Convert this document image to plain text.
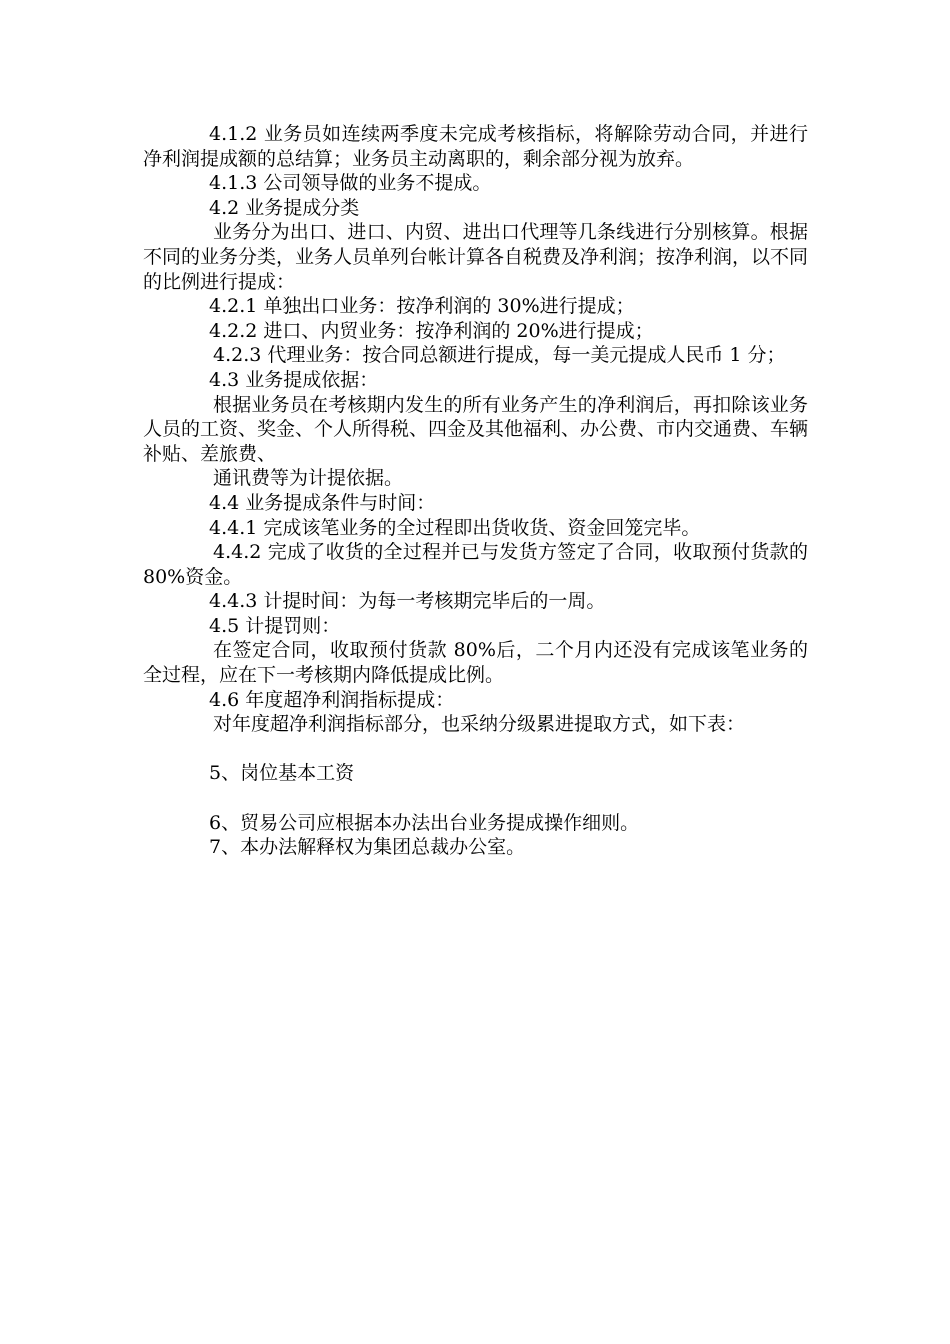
4.1.2 业务员如连续两季度未完成考核指标，将解除劳动合同，并进行净利润提成额的总结算；业务员主动离职的，剩余部分视为放弃。

4.1.3 公司领导做的业务不提成。

4.2 业务提成分类

业务分为出口、进口、内贸、进出口代理等几条线进行分别核算。根据不同的业务分类，业务人员单列台帐计算各自税费及净利润；按净利润，以不同的比例进行提成：

4.2.1 单独出口业务：按净利润的 30%进行提成；

4.2.2 进口、内贸业务：按净利润的 20%进行提成；

4.2.3 代理业务：按合同总额进行提成，每一美元提成人民币 1 分；

4.3 业务提成依据：

根据业务员在考核期内发生的所有业务产生的净利润后，再扣除该业务人员的工资、奖金、个人所得税、四金及其他福利、办公费、市内交通费、车辆补贴、差旅费、

通讯费等为计提依据。

4.4 业务提成条件与时间：

4.4.1 完成该笔业务的全过程即出货收货、资金回笼完毕。

4.4.2 完成了收货的全过程并已与发货方签定了合同，收取预付货款的 80%资金。

4.4.3 计提时间：为每一考核期完毕后的一周。

4.5 计提罚则：

在签定合同，收取预付货款 80%后，二个月内还没有完成该笔业务的全过程，应在下一考核期内降低提成比例。

4.6 年度超净利润指标提成：

对年度超净利润指标部分，也采纳分级累进提取方式，如下表：

5、岗位基本工资

6、贸易公司应根据本办法出台业务提成操作细则。

7、本办法解释权为集团总裁办公室。
